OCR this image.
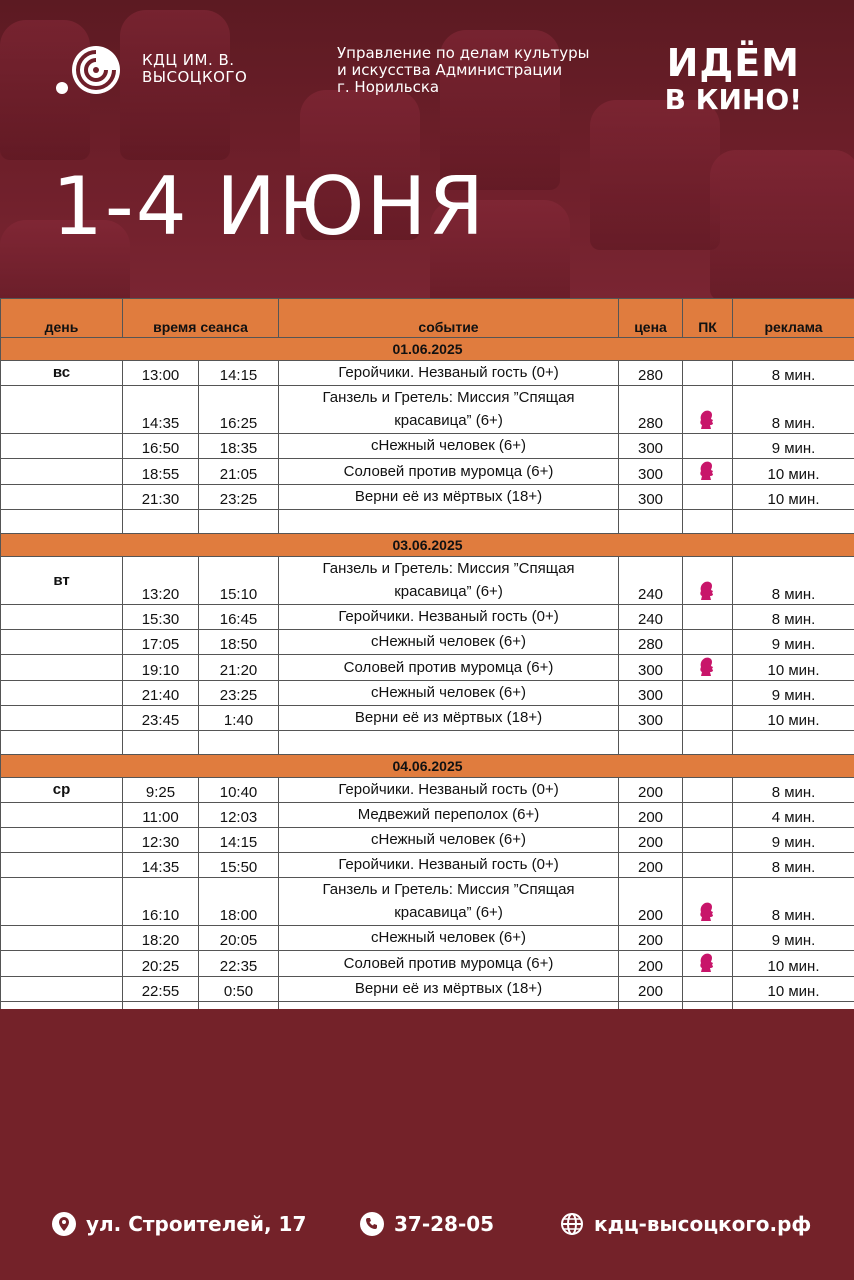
КДЦ ИМ. В.
ВЫСОЦКОГО
Управление по делам культуры
и искусства Администрации
г. Норильска
ИДЁМ
В КИНО!
1-4 ИЮНЯ
день	время сеанса		событие	цена	ПК	реклама
01.06.2025						
вс	13:00	14:15	Геройчики. Незваный гость (0+)	280		8 мин.
	14:35	16:25	Ганзель и Гретель: Миссия ”Спящая
красавица” (6+)	280		8 мин.
	16:50	18:35	сНежный человек (6+)	300		9 мин.
	18:55	21:05	Соловей против муромца (6+)	300		10 мин.
	21:30	23:25	Верни её из мёртвых (18+)	300		10 мин.

03.06.2025						
вт	13:20	15:10	Ганзель и Гретель: Миссия ”Спящая
красавица” (6+)	240		8 мин.
	15:30	16:45	Геройчики. Незваный гость (0+)	240		8 мин.
	17:05	18:50	сНежный человек (6+)	280		9 мин.
	19:10	21:20	Соловей против муромца (6+)	300		10 мин.
	21:40	23:25	сНежный человек (6+)	300		9 мин.
	23:45	1:40	Верни её из мёртвых (18+)	300		10 мин.

04.06.2025						
ср	9:25	10:40	Геройчики. Незваный гость (0+)	200		8 мин.
	11:00	12:03	Медвежий переполох (6+)	200		4 мин.
	12:30	14:15	сНежный человек (6+)	200		9 мин.
	14:35	15:50	Геройчики. Незваный гость (0+)	200		8 мин.
	16:10	18:00	Ганзель и Гретель: Миссия ”Спящая
красавица” (6+)	200		8 мин.
	18:20	20:05	сНежный человек (6+)	200		9 мин.
	20:25	22:35	Соловей против муромца (6+)	200		10 мин.
	22:55	0:50	Верни её из мёртвых (18+)	200		10 мин.

ул. Строителей, 17	37-28-05	кдц-высоцкого.рф
